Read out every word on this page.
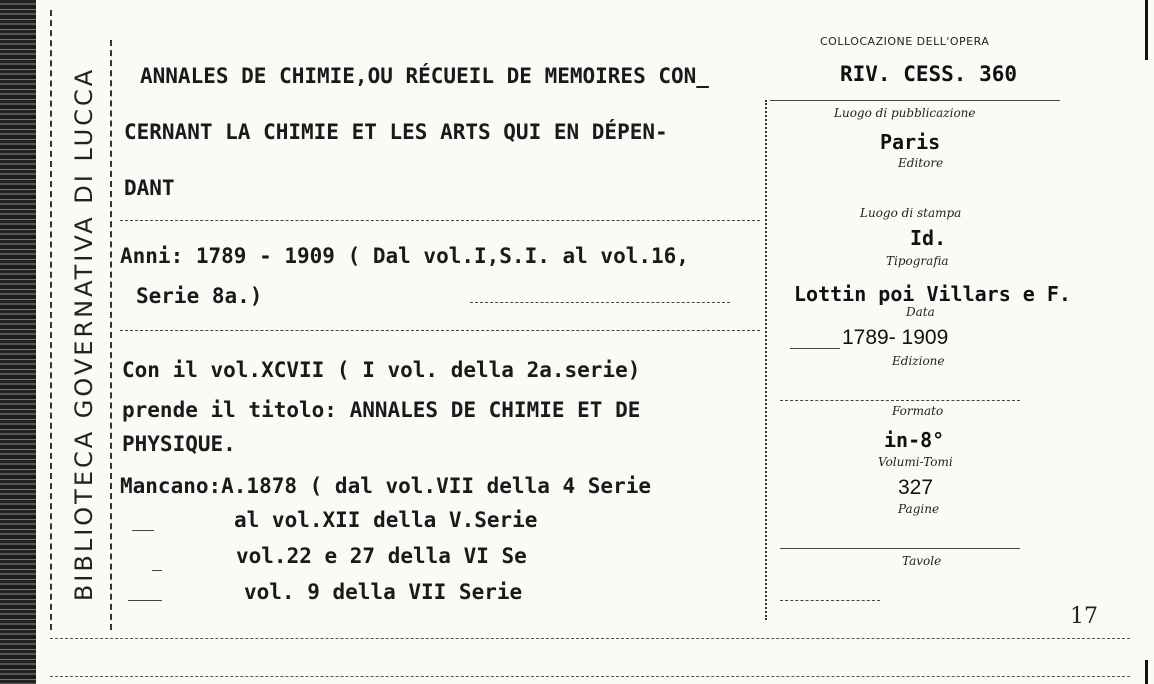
BIBLIOTECA GOVERNATIVA DI LUCCA ANNALES DE CHIMIE,OU RÉCUEIL DE MEMOIRES CON_
CERNANT LA CHIMIE ET LES ARTS QUI EN DÉPEN-
DANT
Anni: 1789 - 1909 ( Dal vol.I,S.I. al vol.16,
Serie 8a.)
Con il vol.XCVII ( I vol. della 2a.serie)
prende il titolo: ANNALES DE CHIMIE ET DE
PHYSIQUE.
Mancano:A.1878 ( dal vol.VII della 4 Serie
al vol.XII della V.Serie
vol.22 e 27 della VI Se
vol. 9 della VII Serie
COLLOCAZIONE DELL'OPERA
RIV. CESS. 360
Luogo di pubblicazione
Paris
Editore
Luogo di stampa
Id.
Tipografia
Lottin poi Villars e F.
Data
1789- 1909
Edizione
Formato
in-8°
Volumi-Tomi
327
Pagine
Tavole
17
